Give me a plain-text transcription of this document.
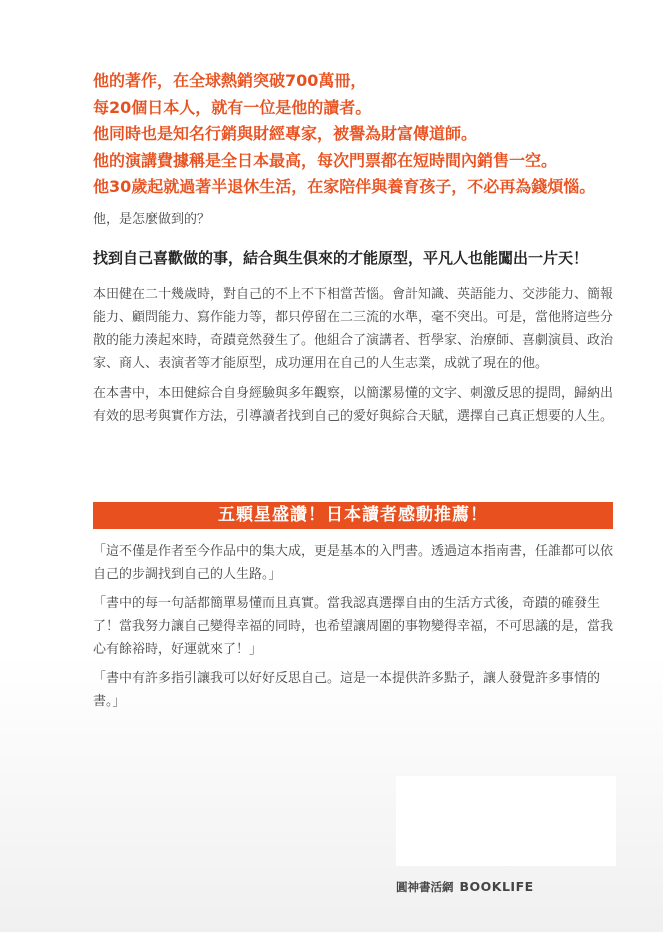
他的著作，在全球熱銷突破700萬冊，
每20個日本人，就有一位是他的讀者。
他同時也是知名行銷與財經專家，被譽為財富傳道師。
他的演講費據稱是全日本最高，每次門票都在短時間內銷售一空。
他30歲起就過著半退休生活，在家陪伴與養育孩子，不必再為錢煩惱。
他，是怎麼做到的？
找到自己喜歡做的事，結合與生俱來的才能原型，平凡人也能闖出一片天！

本田健在二十幾歲時，對自己的不上不下相當苦惱。會計知識、英語能力、交涉能力、簡報能力、顧問能力、寫作能力等，都只停留在二三流的水準，毫不突出。可是，當他將這些分散的能力湊起來時，奇蹟竟然發生了。他組合了演講者、哲學家、治療師、喜劇演員、政治家、商人、表演者等才能原型，成功運用在自己的人生志業，成就了現在的他。

在本書中，本田健綜合自身經驗與多年觀察，以簡潔易懂的文字、刺激反思的提問，歸納出有效的思考與實作方法，引導讀者找到自己的愛好與綜合天賦，選擇自己真正想要的人生。

五顆星盛讚！日本讀者感動推薦！

「這不僅是作者至今作品中的集大成，更是基本的入門書。透過這本指南書，任誰都可以依自己的步調找到自己的人生路。」

「書中的每一句話都簡單易懂而且真實。當我認真選擇自由的生活方式後，奇蹟的確發生了！當我努力讓自己變得幸福的同時，也希望讓周圍的事物變得幸福，不可思議的是，當我心有餘裕時，好運就來了！」

「書中有許多指引讓我可以好好反思自己。這是一本提供許多點子，讓人發覺許多事情的書。」

圓神書活網 BOOKLIFE
